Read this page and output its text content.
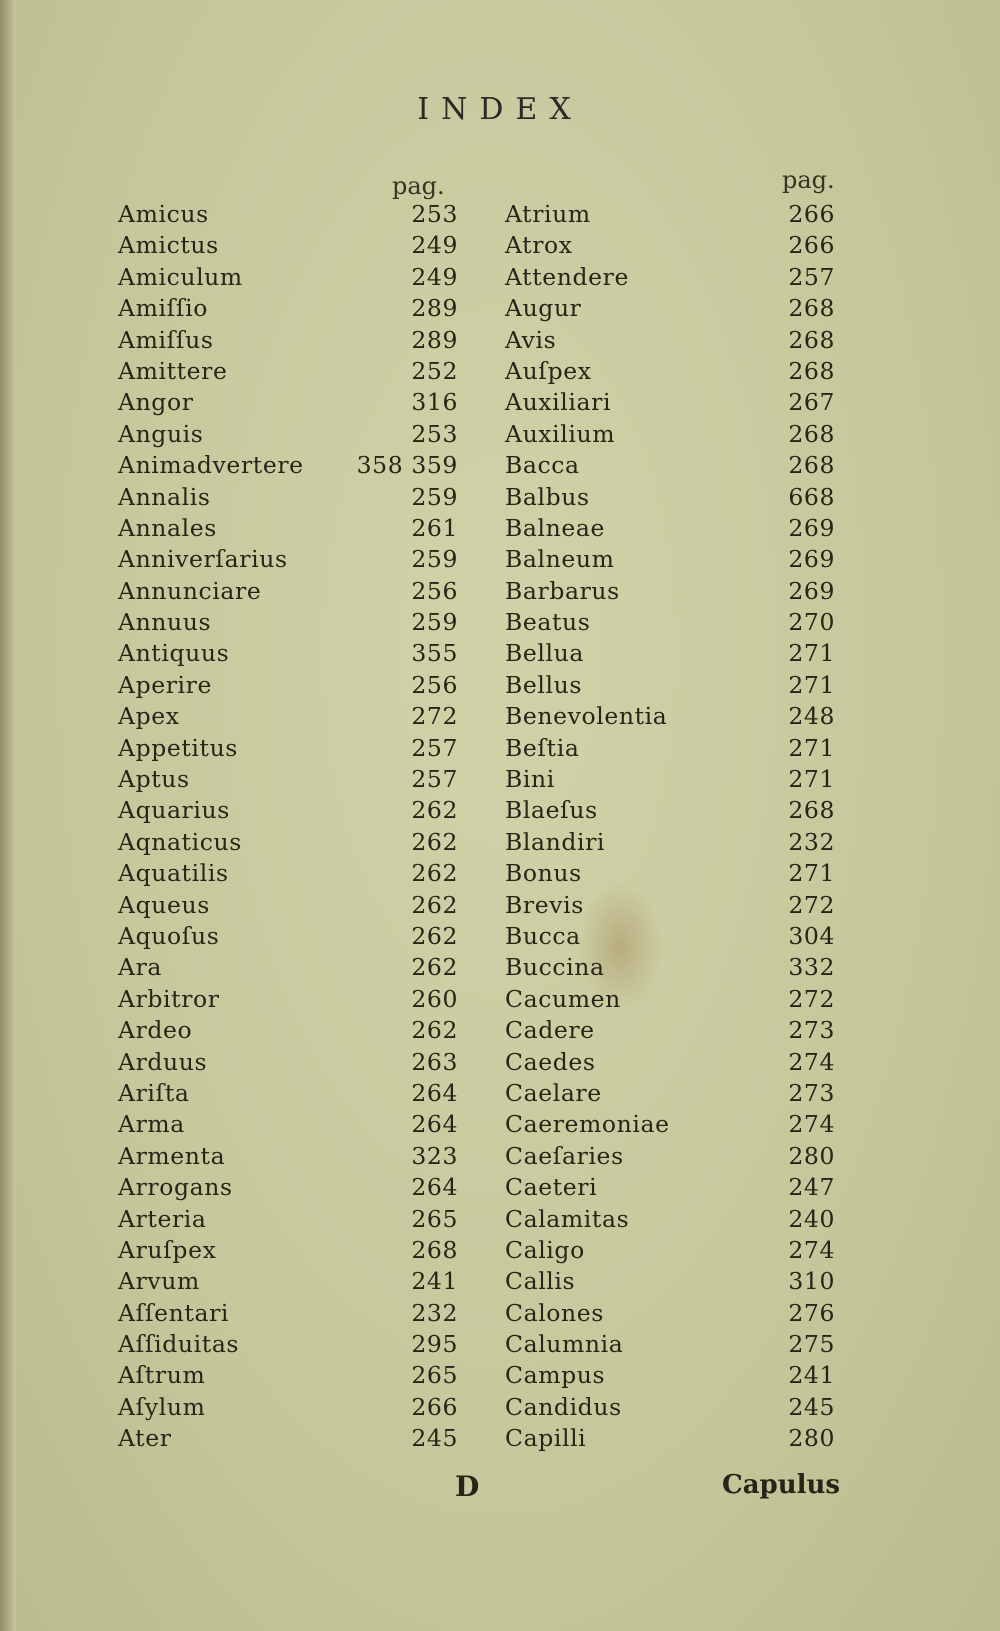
INDEX
pag.	pag.
Amicus	253
Amictus	249
Amiculum	249
Amiſſio	289
Amiſſus	289
Amittere	252
Angor	316
Anguis	253
Animadvertere	358 359
Annalis	259
Annales	261
Anniverſarius	259
Annunciare	256
Annuus	259
Antiquus	355
Aperire	256
Apex	272
Appetitus	257
Aptus	257
Aquarius	262
Aqnaticus	262
Aquatilis	262
Aqueus	262
Aquoſus	262
Ara	262
Arbitror	260
Ardeo	262
Arduus	263
Ariſta	264
Arma	264
Armenta	323
Arrogans	264
Arteria	265
Aruſpex	268
Arvum	241
Aſſentari	232
Aſſiduitas	295
Aſtrum	265
Aſylum	266
Ater	245
Atrium	266
Atrox	266
Attendere	257
Augur	268
Avis	268
Auſpex	268
Auxiliari	267
Auxilium	268
Bacca	268
Balbus	668
Balneae	269
Balneum	269
Barbarus	269
Beatus	270
Bellua	271
Bellus	271
Benevolentia	248
Beſtia	271
Bini	271
Blaeſus	268
Blandiri	232
Bonus	271
Brevis	272
Bucca	304
Buccina	332
Cacumen	272
Cadere	273
Caedes	274
Caelare	273
Caeremoniae	274
Caeſaries	280
Caeteri	247
Calamitas	240
Caligo	274
Callis	310
Calones	276
Calumnia	275
Campus	241
Candidus	245
Capilli	280
D	Capulus
